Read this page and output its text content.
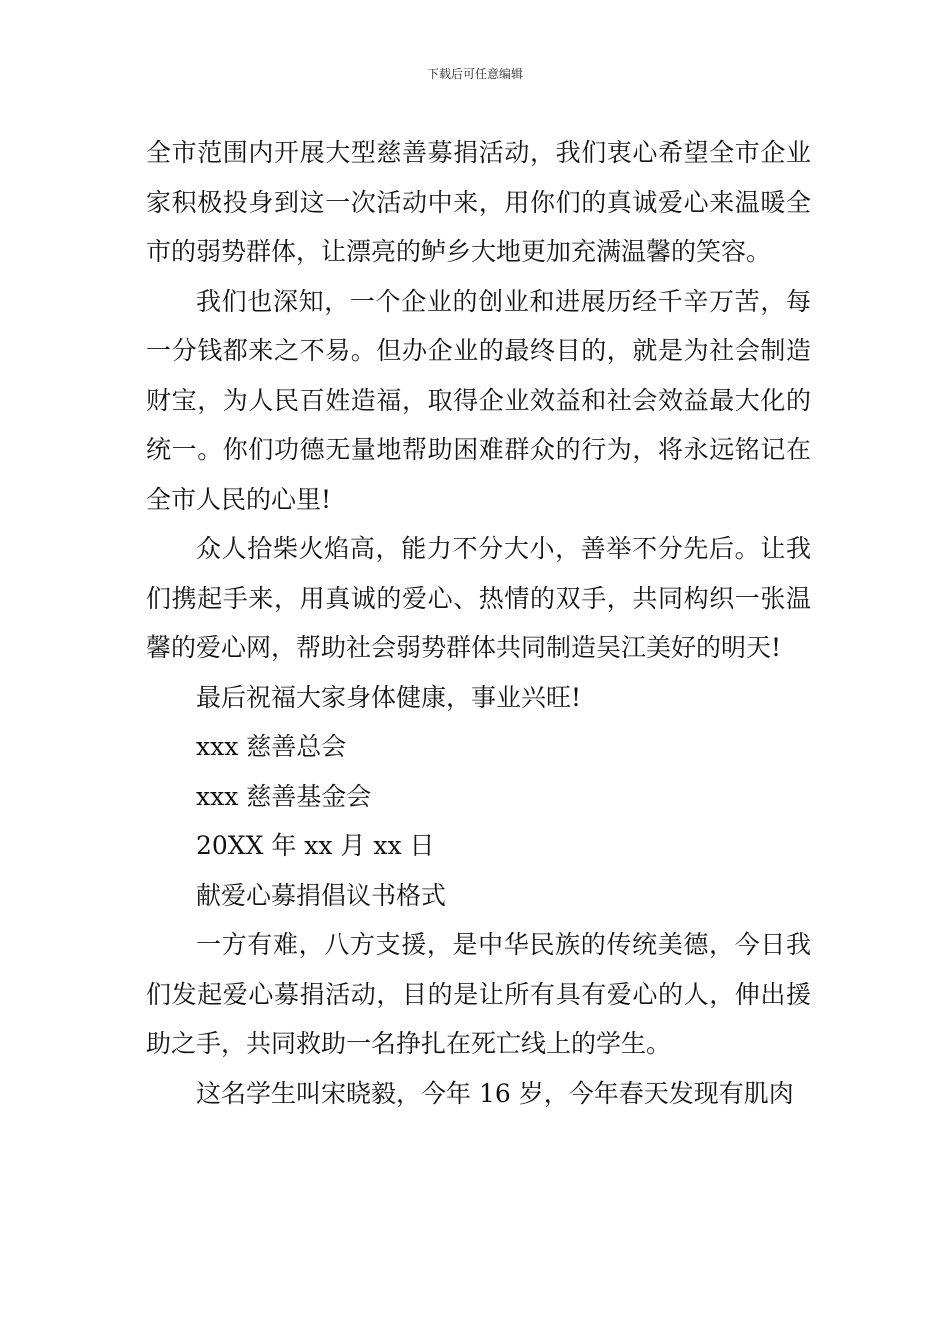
下载后可任意编辑

全市范围内开展大型慈善募捐活动，我们衷心希望全市企业家积极投身到这一次活动中来，用你们的真诚爱心来温暖全市的弱势群体，让漂亮的鲈乡大地更加充满温馨的笑容。

我们也深知，一个企业的创业和进展历经千辛万苦，每一分钱都来之不易。但办企业的最终目的，就是为社会制造财宝，为人民百姓造福，取得企业效益和社会效益最大化的统一。你们功德无量地帮助困难群众的行为，将永远铭记在全市人民的心里!

众人拾柴火焰高，能力不分大小，善举不分先后。让我们携起手来，用真诚的爱心、热情的双手，共同构织一张温馨的爱心网，帮助社会弱势群体共同制造吴江美好的明天!

最后祝福大家身体健康，事业兴旺!

xxx 慈善总会

xxx 慈善基金会

20XX 年 xx 月 xx 日

献爱心募捐倡议书格式

一方有难，八方支援，是中华民族的传统美德，今日我们发起爱心募捐活动，目的是让所有具有爱心的人，伸出援助之手，共同救助一名挣扎在死亡线上的学生。

这名学生叫宋晓毅，今年 16 岁，今年春天发现有肌肉
